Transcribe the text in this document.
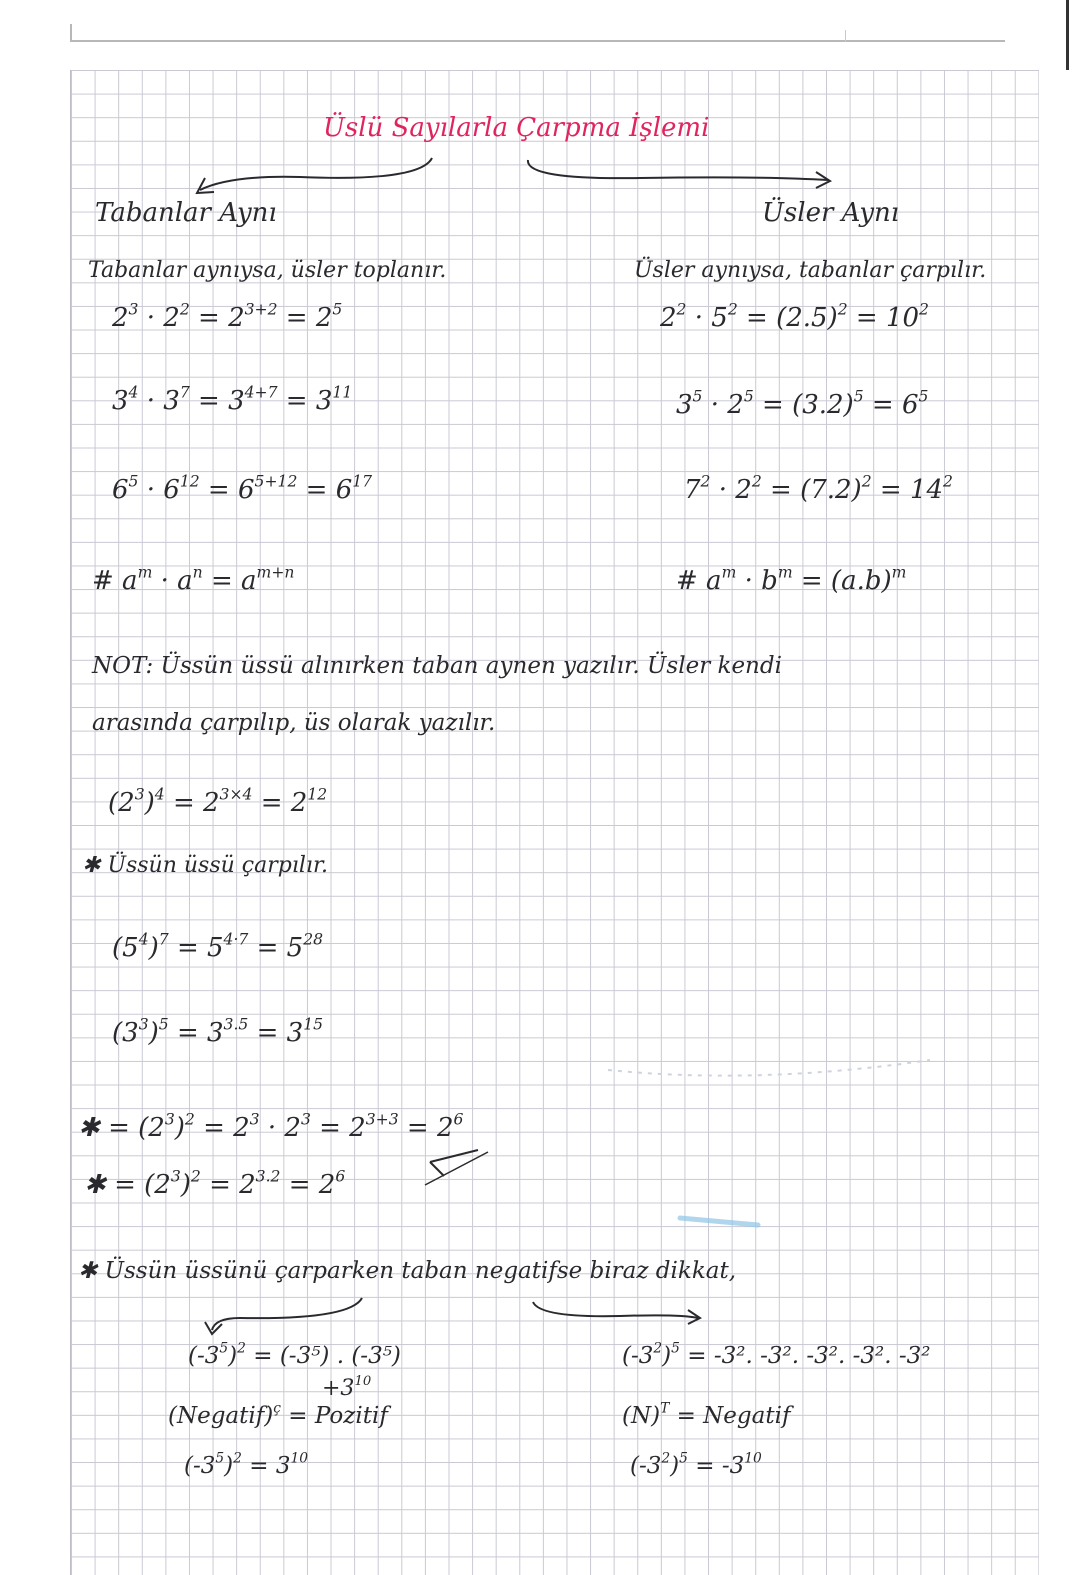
Üslü Sayılarla Çarpma İşlemi
Tabanlar Aynı
Tabanlar aynıysa, üsler toplanır.
$2^3 \cdot 2^2 = 2^{3+2} = 2^5$
$3^4 \cdot 3^7 = 3^{4+7} = 3^{11}$
$6^5 \cdot 6^{12} = 6^{5+12} = 6^{17}$
# $a^m \cdot a^n = a^{m+n}$
Üsler Aynı
Üsler aynıysa, tabanlar çarpılır.
$2^2 \cdot 5^2 = (2.5)^2 = 10^2$
$3^5 \cdot 2^5 = (3.2)^5 = 6^5$
$7^2 \cdot 2^2 = (7.2)^2 = 14^2$
# $a^m \cdot b^m = (a.b)^m$
NOT: Üssün üssü alınırken taban aynen yazılır. Üsler kendi
arasında çarpılıp, üs olarak yazılır.
$(2^3)^4 = 2^{3\times 4} = 2^{12}$
✱ Üssün üssü çarpılır.
$(5^4)^7 = 5^{4\cdot 7} = 5^{28}$
$(3^3)^5 = 3^{3.5} = 3^{15}$
✱ = $(2^3)^2 = 2^3 \cdot 2^3 = 2^{3+3} = 2^6$
✱ = $(2^3)^2 = 2^{3.2} = 2^6$
✱ Üssün üssünü çarparken taban negatifse biraz dikkat,
$(-3^5)^2 = (-3^5)$ . (-3⁵)
$+3^{10}$
(Negatif)$^ç$ = Pozitif
$(-3^5)^2 = 3^{10}$
$(-3^2)^5 = -3^2$. -3². -3². -3². -3²
$(N)^T$ = Negatif
$(-3^2)^5 = -3^{10}$
